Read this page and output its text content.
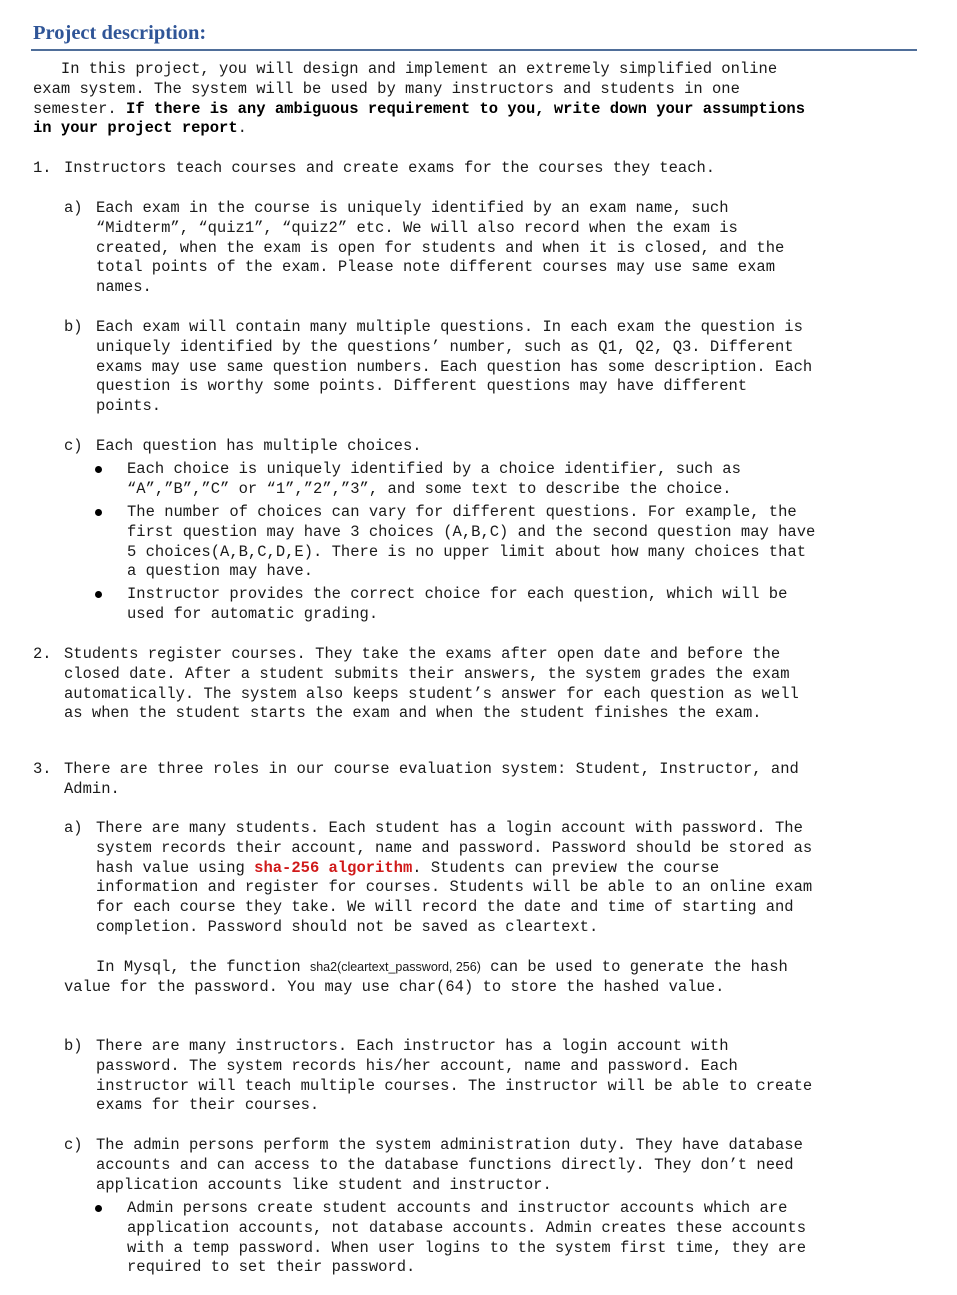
Project description:
In this project, you will design and implement an extremely simplified online
exam system. The system will be used by many instructors and students in one
semester. If there is any ambiguous requirement to you, write down your assumptions
in your project report.
1. Instructors teach courses and create exams for the courses they teach.
a) Each exam in the course is uniquely identified by an exam name, such
“Midterm”, “quiz1”, “quiz2” etc. We will also record when the exam is
created, when the exam is open for students and when it is closed, and the
total points of the exam. Please note different courses may use same exam
names.
b) Each exam will contain many multiple questions. In each exam the question is
uniquely identified by the questions’ number, such as Q1, Q2, Q3. Different
exams may use same question numbers. Each question has some description. Each
question is worthy some points. Different questions may have different
points.
c) Each question has multiple choices.
Each choice is uniquely identified by a choice identifier, such as
“A”,”B”,”C” or “1”,”2”,”3”, and some text to describe the choice.
The number of choices can vary for different questions. For example, the
first question may have 3 choices (A,B,C) and the second question may have
5 choices(A,B,C,D,E). There is no upper limit about how many choices that
a question may have.
Instructor provides the correct choice for each question, which will be
used for automatic grading.
2. Students register courses. They take the exams after open date and before the
closed date. After a student submits their answers, the system grades the exam
automatically. The system also keeps student’s answer for each question as well
as when the student starts the exam and when the student finishes the exam.
3. There are three roles in our course evaluation system: Student, Instructor, and
Admin.
a) There are many students. Each student has a login account with password. The
system records their account, name and password. Password should be stored as
hash value using sha-256 algorithm. Students can preview the course
information and register for courses. Students will be able to an online exam
for each course they take. We will record the date and time of starting and
completion. Password should not be saved as cleartext.
In Mysql, the function sha2(cleartext_password, 256) can be used to generate the hash
value for the password. You may use char(64) to store the hashed value.
b) There are many instructors. Each instructor has a login account with
password. The system records his/her account, name and password. Each
instructor will teach multiple courses. The instructor will be able to create
exams for their courses.
c) The admin persons perform the system administration duty. They have database
accounts and can access to the database functions directly. They don’t need
application accounts like student and instructor.
Admin persons create student accounts and instructor accounts which are
application accounts, not database accounts. Admin creates these accounts
with a temp password. When user logins to the system first time, they are
required to set their password.
